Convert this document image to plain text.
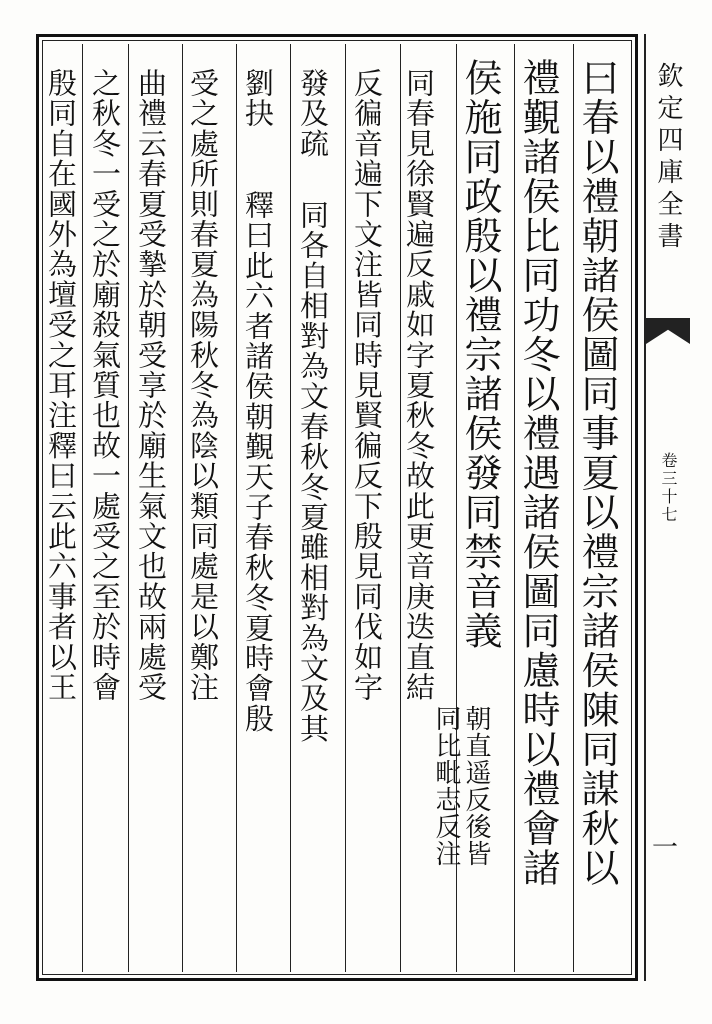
曰春以禮朝諸侯圖同事夏以禮宗諸侯陳同謀秋以
禮覲諸侯比同功冬以禮遇諸侯圖同慮時以禮會諸
侯施同政殷以禮宗諸侯發同禁音義
朝直遥反後皆
同比毗志反注
同春見徐賢遍反戚如字夏秋冬故此更音庚迭直結
反徧音遍下文注皆同時見賢徧反下殷見同伐如字
發及疏
同各自相對為文春秋冬夏雖相對為文及其
劉抉
釋曰此六者諸侯朝覲天子春秋冬夏時會殷
受之處所則春夏為陽秋冬為陰以類同處是以鄭注
曲禮云春夏受摯於朝受享於廟生氣文也故兩處受
之秋冬一受之於廟殺氣質也故一處受之至於時會
殷同自在國外為壇受之耳注釋曰云此六事者以王	欽定四庫全書
卷三十七
一
